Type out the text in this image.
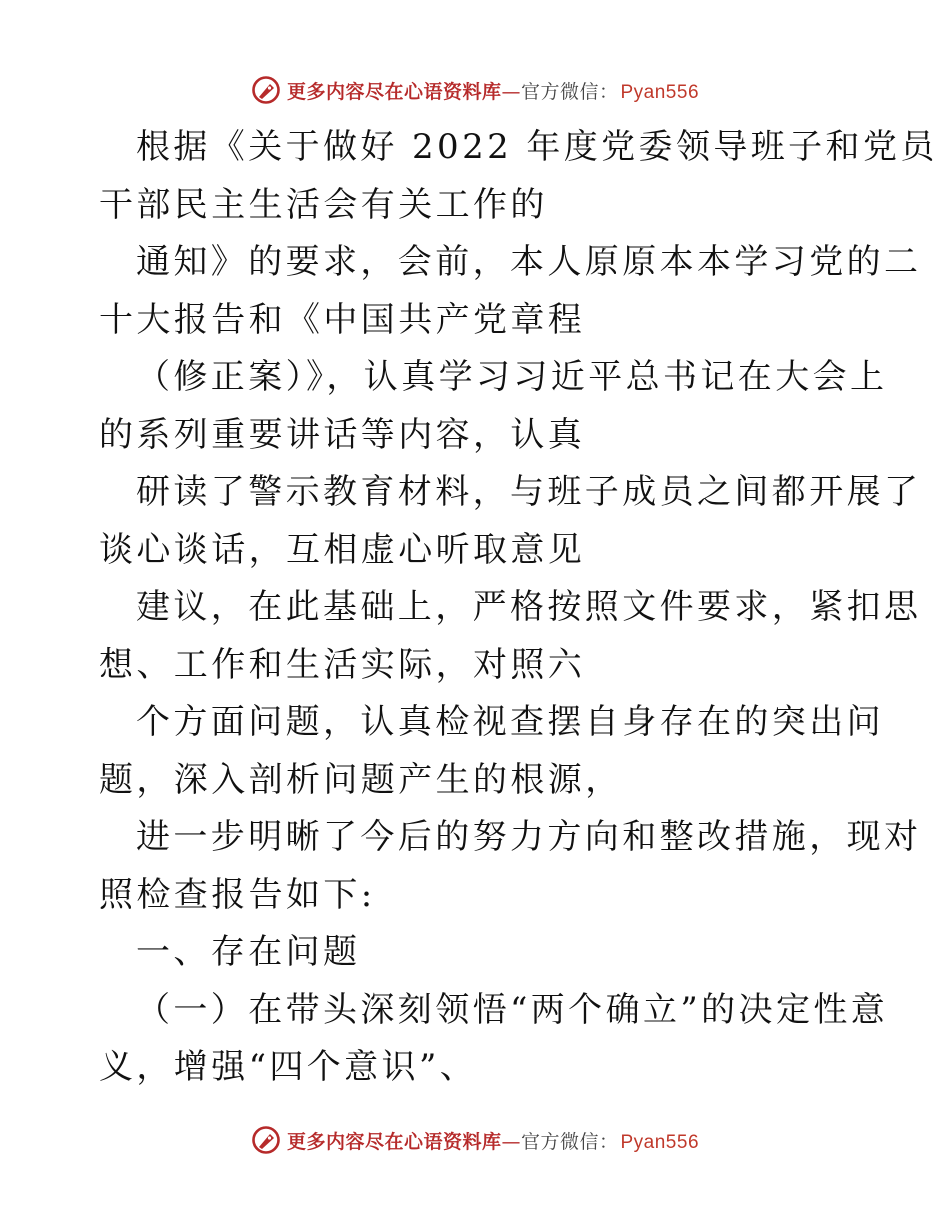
更多内容尽在心语资料库—官方微信： Pyan556
根据《关于做好 2022 年度党委领导班子和党员
干部民主生活会有关工作的
通知》的要求，会前，本人原原本本学习党的二
十大报告和《中国共产党章程
（修正案）》，认真学习习近平总书记在大会上
的系列重要讲话等内容，认真
研读了警示教育材料，与班子成员之间都开展了
谈心谈话，互相虚心听取意见
建议，在此基础上，严格按照文件要求，紧扣思
想、工作和生活实际，对照六
个方面问题，认真检视查摆自身存在的突出问
题，深入剖析问题产生的根源，
进一步明晰了今后的努力方向和整改措施，现对
照检查报告如下:
一、存在问题
（一）在带头深刻领悟“两个确立”的决定性意
义，增强“四个意识”、
更多内容尽在心语资料库—官方微信： Pyan556
